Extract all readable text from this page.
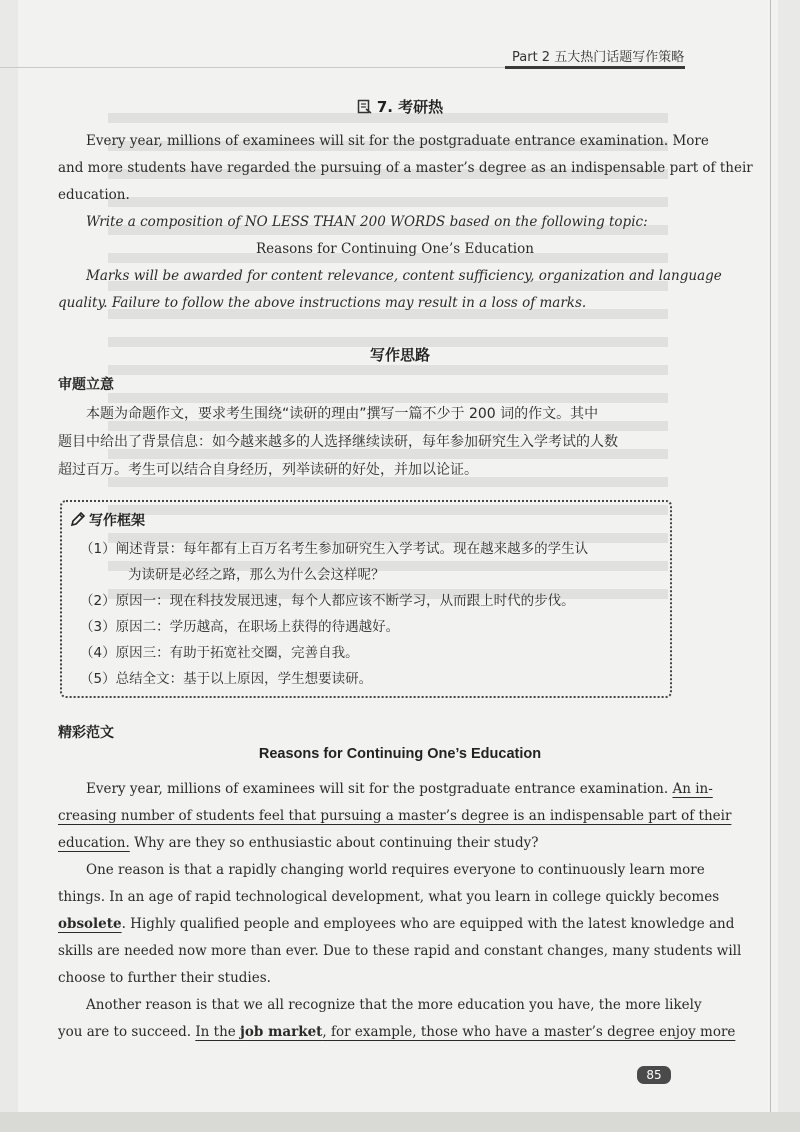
Part 2 五大热门话题写作策略
7. 考研热
Every year, millions of examinees will sit for the postgraduate entrance examination. More
and more students have regarded the pursuing of a master’s degree as an indispensable part of their
education.
Write a composition of NO LESS THAN 200 WORDS based on the following topic:
Reasons for Continuing One’s Education
Marks will be awarded for content relevance, content sufficiency, organization and language
quality. Failure to follow the above instructions may result in a loss of marks.
写作思路
审题立意
本题为命题作文，要求考生围绕“读研的理由”撰写一篇不少于 200 词的作文。其中
题目中给出了背景信息：如今越来越多的人选择继续读研，每年参加研究生入学考试的人数
超过百万。考生可以结合自身经历，列举读研的好处，并加以论证。
写作框架
（1）阐述背景：每年都有上百万名考生参加研究生入学考试。现在越来越多的学生认
为读研是必经之路，那么为什么会这样呢？
（2）原因一：现在科技发展迅速，每个人都应该不断学习，从而跟上时代的步伐。
（3）原因二：学历越高，在职场上获得的待遇越好。
（4）原因三：有助于拓宽社交圈，完善自我。
（5）总结全文：基于以上原因，学生想要读研。
精彩范文
Reasons for Continuing One’s Education
Every year, millions of examinees will sit for the postgraduate entrance examination. An in-
creasing number of students feel that pursuing a master’s degree is an indispensable part of their
education. Why are they so enthusiastic about continuing their study?
One reason is that a rapidly changing world requires everyone to continuously learn more
things. In an age of rapid technological development, what you learn in college quickly becomes
obsolete. Highly qualified people and employees who are equipped with the latest knowledge and
skills are needed now more than ever. Due to these rapid and constant changes, many students will
choose to further their studies.
Another reason is that we all recognize that the more education you have, the more likely
you are to succeed. In the job market, for example, those who have a master’s degree enjoy more
85
